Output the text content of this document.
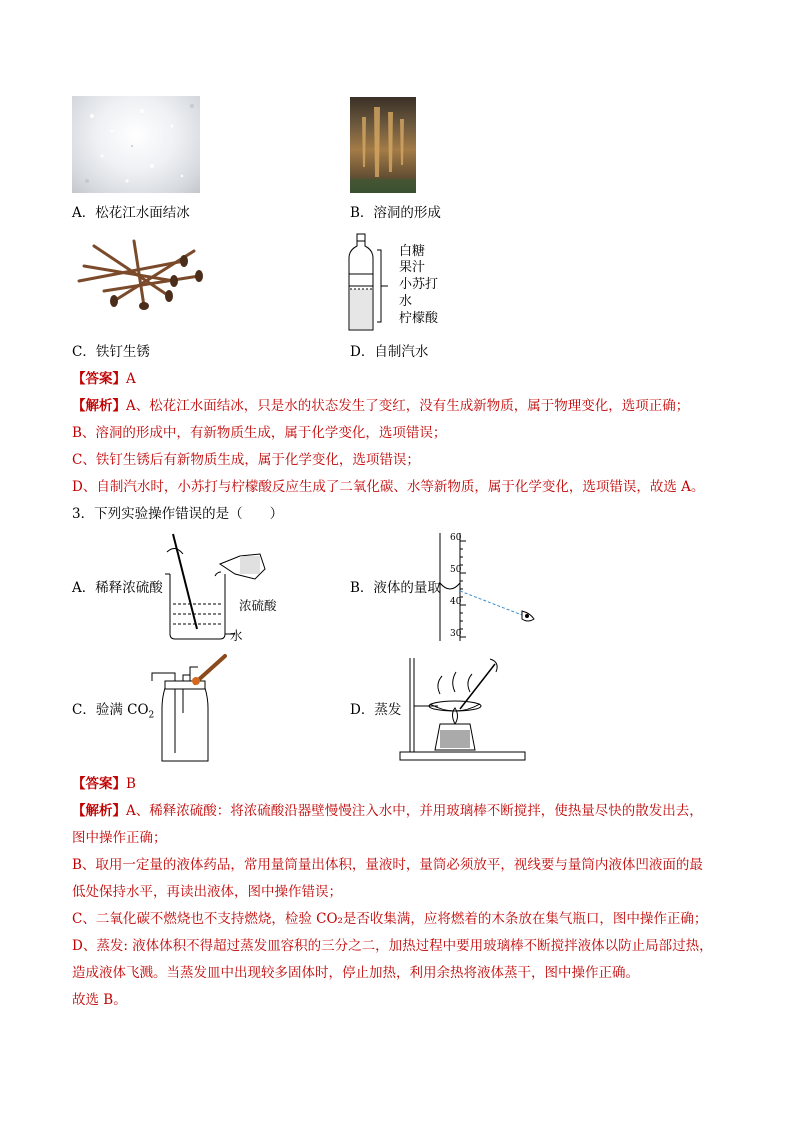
A．松花江水面结冰	B．溶洞的形成
白糖
果汁
小苏打
水
柠檬酸
C．铁钉生锈	D．自制汽水
【答案】A
【解析】A、松花江水面结冰，只是水的状态发生了变红，没有生成新物质，属于物理变化，选项正确；
B、溶洞的形成中，有新物质生成，属于化学变化，选项错误；
C、铁钉生锈后有新物质生成，属于化学变化，选项错误；
D、自制汽水时，小苏打与柠檬酸反应生成了二氧化碳、水等新物质，属于化学变化，选项错误，故选 A。
3．下列实验操作错误的是（　　）
浓硫酸
水
A．稀释浓硫酸
60
50
40
30
B．液体的量取
C．验满 $CO_2$	D．蒸发
【答案】B
【解析】A、稀释浓硫酸：将浓硫酸沿器壁慢慢注入水中，并用玻璃棒不断搅拌，使热量尽快的散发出去，
图中操作正确；
B、取用一定量的液体药品，常用量筒量出体积，量液时，量筒必须放平，视线要与量筒内液体凹液面的最
低处保持水平，再读出液体，图中操作错误；
C、二氧化碳不燃烧也不支持燃烧，检验 CO₂是否收集满，应将燃着的木条放在集气瓶口，图中操作正确；
D、蒸发: 液体体积不得超过蒸发皿容积的三分之二，加热过程中要用玻璃棒不断搅拌液体以防止局部过热，
造成液体飞溅。当蒸发皿中出现较多固体时，停止加热，利用余热将液体蒸干，图中操作正确。
故选 B。
